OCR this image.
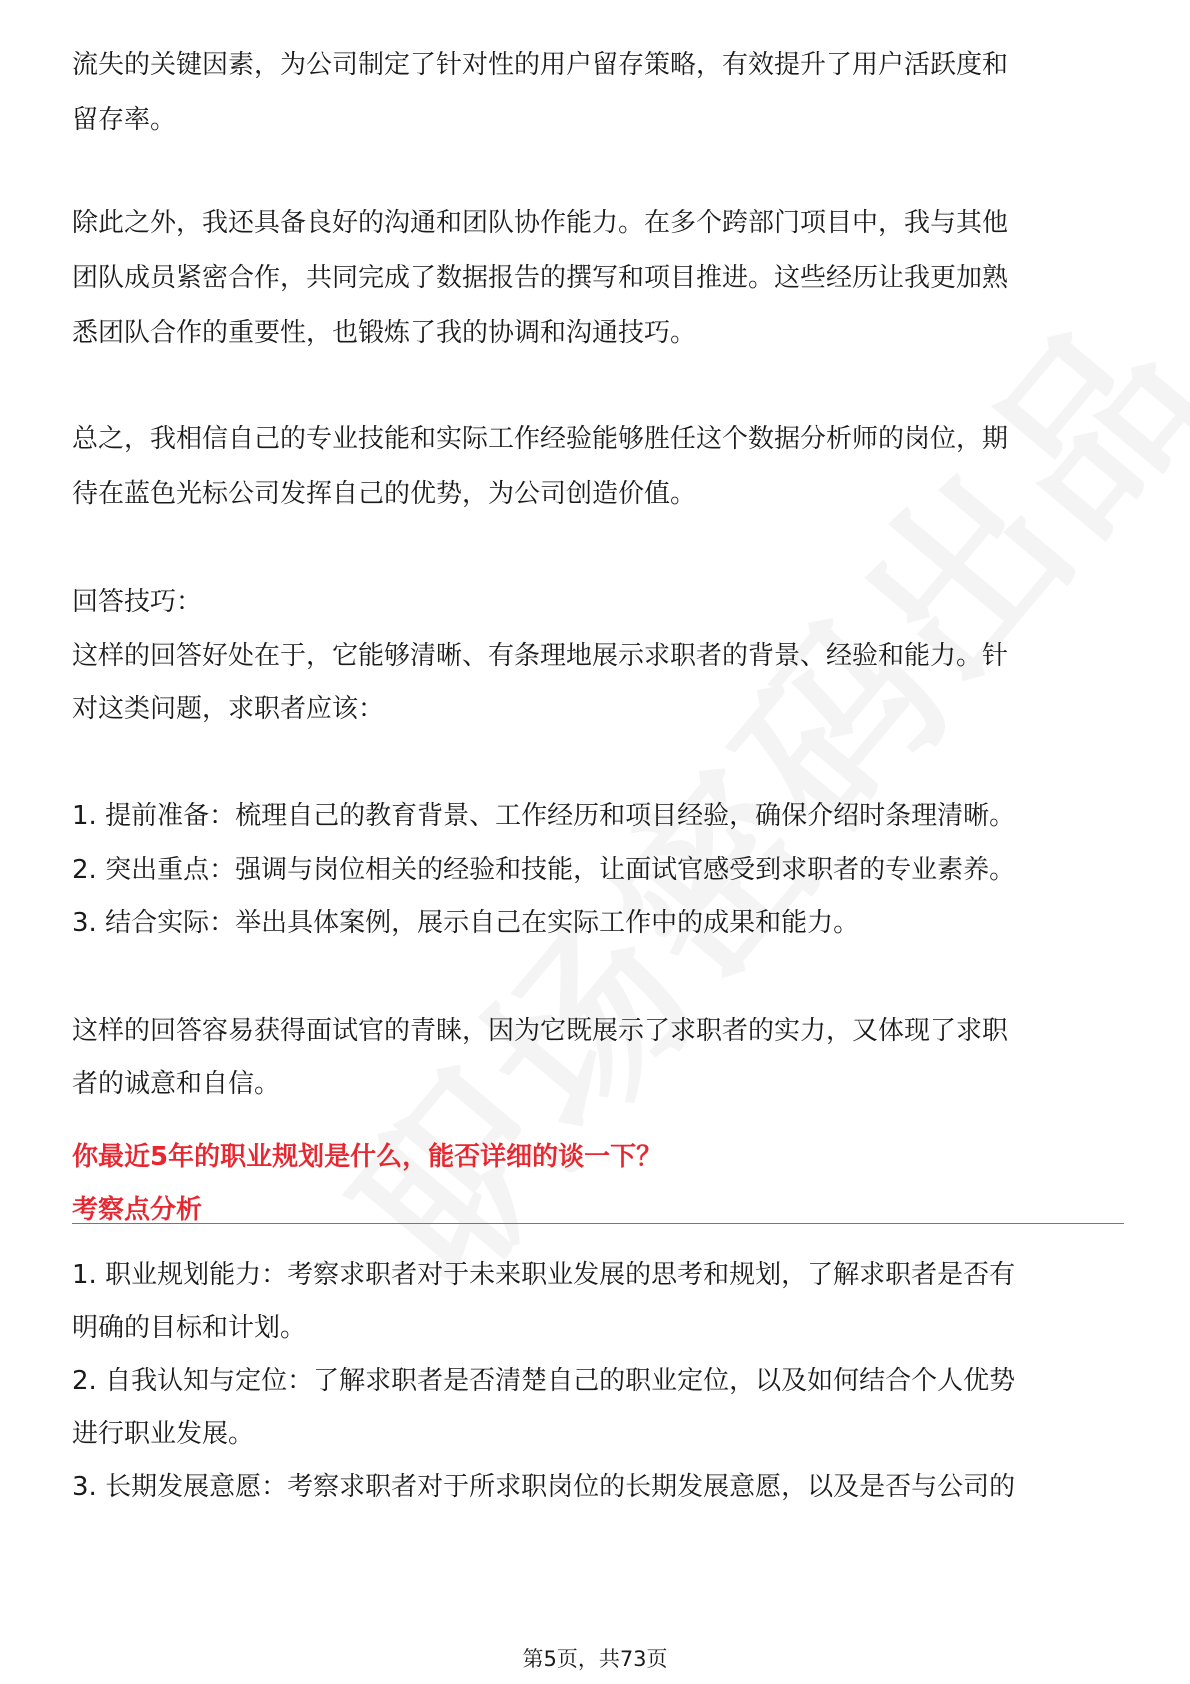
流失的关键因素，为公司制定了针对性的用户留存策略，有效提升了用户活跃度和
留存率。
除此之外，我还具备良好的沟通和团队协作能力。在多个跨部门项目中，我与其他
团队成员紧密合作，共同完成了数据报告的撰写和项目推进。这些经历让我更加熟
悉团队合作的重要性，也锻炼了我的协调和沟通技巧。
总之，我相信自己的专业技能和实际工作经验能够胜任这个数据分析师的岗位，期
待在蓝色光标公司发挥自己的优势，为公司创造价值。
回答技巧：
这样的回答好处在于，它能够清晰、有条理地展示求职者的背景、经验和能力。针
对这类问题，求职者应该：
1. 提前准备：梳理自己的教育背景、工作经历和项目经验，确保介绍时条理清晰。
2. 突出重点：强调与岗位相关的经验和技能，让面试官感受到求职者的专业素养。
3. 结合实际：举出具体案例，展示自己在实际工作中的成果和能力。
这样的回答容易获得面试官的青睐，因为它既展示了求职者的实力，又体现了求职
者的诚意和自信。
你最近5年的职业规划是什么，能否详细的谈一下？
考察点分析
1. 职业规划能力：考察求职者对于未来职业发展的思考和规划，了解求职者是否有
明确的目标和计划。
2. 自我认知与定位：了解求职者是否清楚自己的职业定位，以及如何结合个人优势
进行职业发展。
3. 长期发展意愿：考察求职者对于所求职岗位的长期发展意愿，以及是否与公司的
第5页，共73页
